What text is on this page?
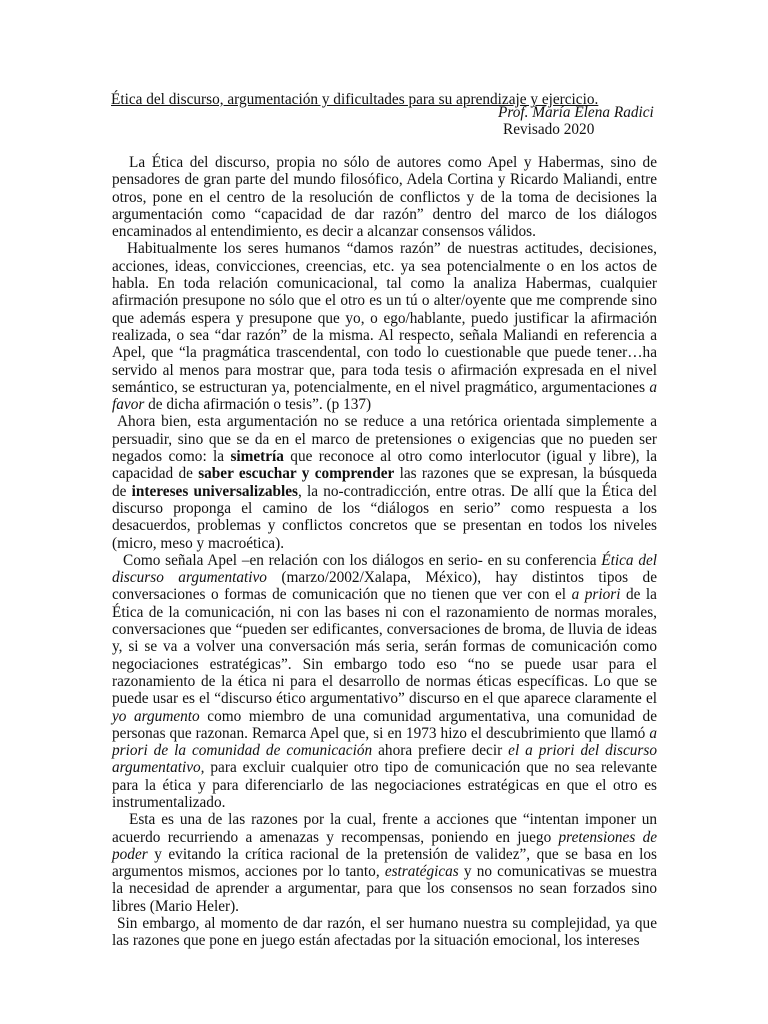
Ética del discurso, argumentación y dificultades para su aprendizaje y ejercicio.
Prof. María Elena Radici
Revisado 2020

La Ética del discurso, propia no sólo de autores como Apel y Habermas, sino de pensadores de gran parte del mundo filosófico, Adela Cortina y Ricardo Maliandi, entre otros, pone en el centro de la resolución de conflictos y de la toma de decisiones la argumentación como “capacidad de dar razón” dentro del marco de los diálogos encaminados al entendimiento, es decir a alcanzar consensos válidos.

Habitualmente los seres humanos “damos razón” de nuestras actitudes, decisiones, acciones, ideas, convicciones, creencias, etc. ya sea potencialmente o en los actos de habla. En toda relación comunicacional, tal como la analiza Habermas, cualquier afirmación presupone no sólo que el otro es un tú o alter/oyente que me comprende sino que además espera y presupone que yo, o ego/hablante, puedo justificar la afirmación realizada, o sea “dar razón” de la misma. Al respecto, señala Maliandi en referencia a Apel, que “la pragmática trascendental, con todo lo cuestionable que puede tener…ha servido al menos para mostrar que, para toda tesis o afirmación expresada en el nivel semántico, se estructuran ya, potencialmente, en el nivel pragmático, argumentaciones a favor de dicha afirmación o tesis”. (p 137)

Ahora bien, esta argumentación no se reduce a una retórica orientada simplemente a persuadir, sino que se da en el marco de pretensiones o exigencias que no pueden ser negados como: la simetría que reconoce al otro como interlocutor (igual y libre), la capacidad de saber escuchar y comprender las razones que se expresan, la búsqueda de intereses universalizables, la no-contradicción, entre otras. De allí que la Ética del discurso proponga el camino de los “diálogos en serio” como respuesta a los desacuerdos, problemas y conflictos concretos que se presentan en todos los niveles (micro, meso y macroética).

Como señala Apel –en relación con los diálogos en serio- en su conferencia Ética del discurso argumentativo (marzo/2002/Xalapa, México), hay distintos tipos de conversaciones o formas de comunicación que no tienen que ver con el a priori de la Ética de la comunicación, ni con las bases ni con el razonamiento de normas morales, conversaciones que “pueden ser edificantes, conversaciones de broma, de lluvia de ideas y, si se va a volver una conversación más seria, serán formas de comunicación como negociaciones estratégicas”. Sin embargo todo eso “no se puede usar para el razonamiento de la ética ni para el desarrollo de normas éticas específicas. Lo que se puede usar es el “discurso ético argumentativo” discurso en el que aparece claramente el yo argumento como miembro de una comunidad argumentativa, una comunidad de personas que razonan. Remarca Apel que, si en 1973 hizo el descubrimiento que llamó a priori de la comunidad de comunicación ahora prefiere decir el a priori del discurso argumentativo, para excluir cualquier otro tipo de comunicación que no sea relevante para la ética y para diferenciarlo de las negociaciones estratégicas en que el otro es instrumentalizado.

Esta es una de las razones por la cual, frente a acciones que “intentan imponer un acuerdo recurriendo a amenazas y recompensas, poniendo en juego pretensiones de poder y evitando la crítica racional de la pretensión de validez”, que se basa en los argumentos mismos, acciones por lo tanto, estratégicas y no comunicativas se muestra la necesidad de aprender a argumentar, para que los consensos no sean forzados sino libres (Mario Heler).

Sin embargo, al momento de dar razón, el ser humano nuestra su complejidad, ya que las razones que pone en juego están afectadas por la situación emocional, los intereses
